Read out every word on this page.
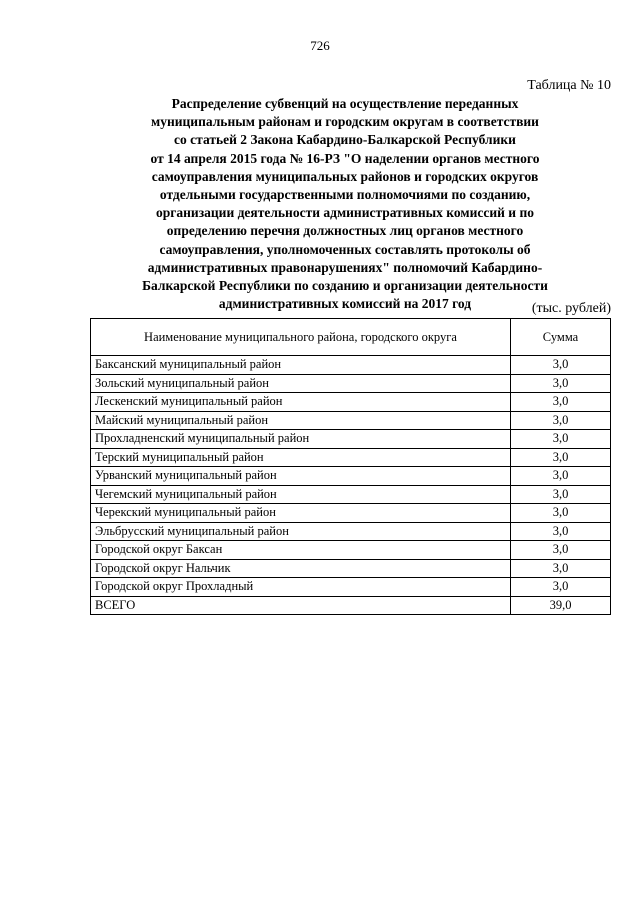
726
Таблица № 10
Распределение субвенций на осуществление переданных
муниципальным районам и городским округам в соответствии
со статьей 2 Закона Кабардино-Балкарской Республики
от 14 апреля 2015 года № 16-РЗ "О наделении органов местного
самоуправления муниципальных районов и городских округов
отдельными государственными полномочиями по созданию,
организации деятельности административных комиссий и по
определению перечня должностных лиц органов местного
самоуправления, уполномоченных составлять протоколы об
административных правонарушениях" полномочий Кабардино-
Балкарской Республики по созданию и организации деятельности
административных комиссий на 2017 год	(тыс. рублей)
Наименование муниципального района, городского округа	Сумма
Баксанский муниципальный район	3,0
Зольский муниципальный район	3,0
Лескенский муниципальный район	3,0
Майский муниципальный район	3,0
Прохладненский муниципальный район	3,0
Терский муниципальный район	3,0
Урванский муниципальный район	3,0
Чегемский муниципальный район	3,0
Черекский муниципальный район	3,0
Эльбрусский муниципальный район	3,0
Городской округ Баксан	3,0
Городской округ Нальчик	3,0
Городской округ Прохладный	3,0
ВСЕГО	39,0
